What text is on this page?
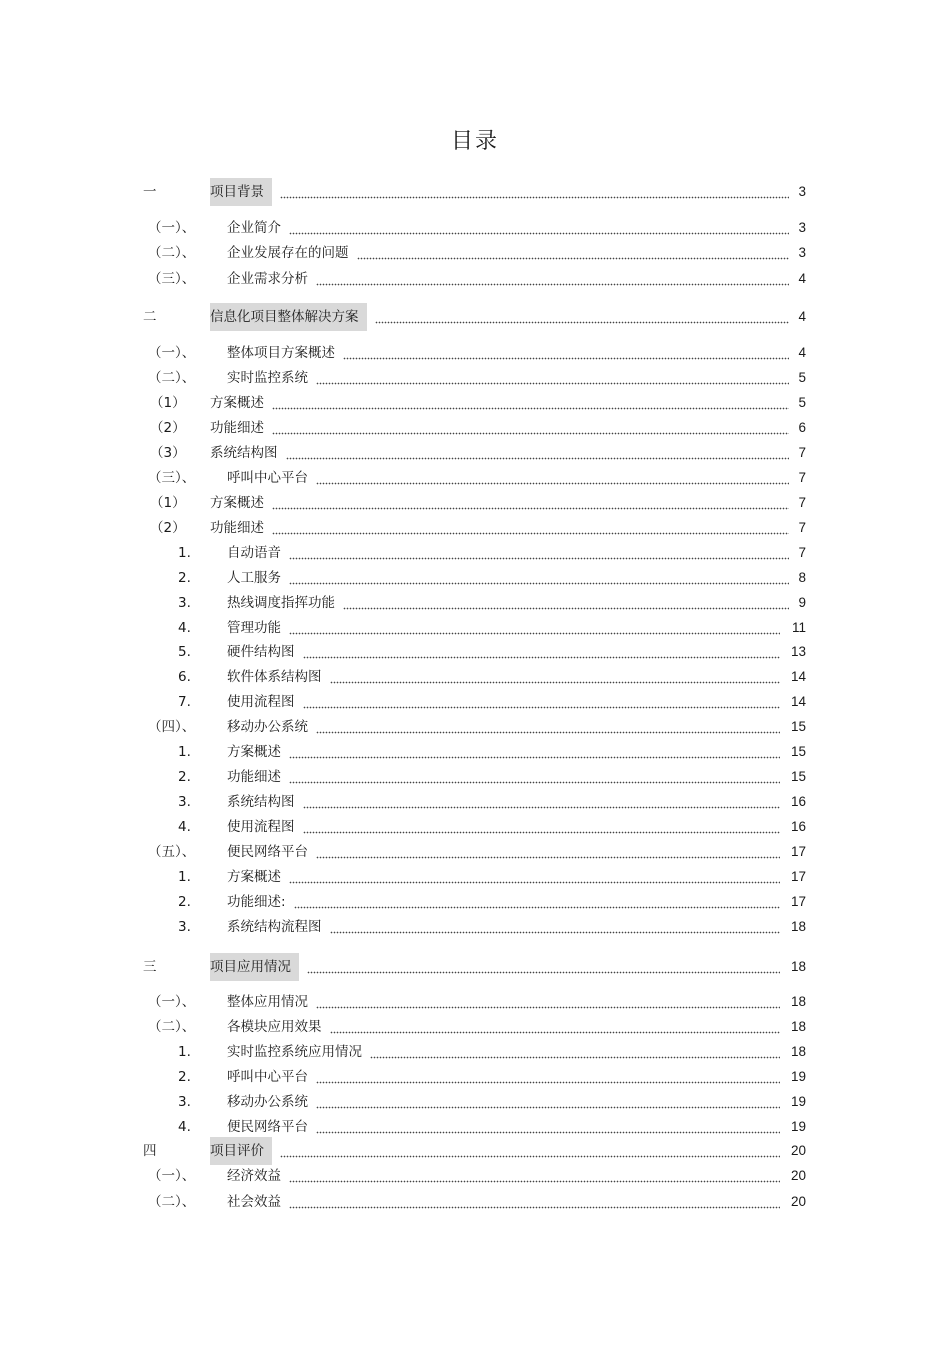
目录
一	项目背景	3
（一）、 企业简介	3
（二）、 企业发展存在的问题	3
（三）、 企业需求分析	4
二	信息化项目整体解决方案	4
（一）、 整体项目方案概述	4
（二）、 实时监控系统	5
（1） 方案概述	5
（2） 功能细述	6
（3） 系统结构图	7
（三）、 呼叫中心平台	7
（1） 方案概述	7
（2） 功能细述	7
1.	自动语音	7
2.	人工服务	8
3.	热线调度指挥功能	9
4.	管理功能	11
5.	硬件结构图	13
6.	软件体系结构图	14
7.	使用流程图	14
（四）、 移动办公系统	15
1.	方案概述	15
2.	功能细述	15
3.	系统结构图	16
4.	使用流程图	16
（五）、 便民网络平台	17
1.	方案概述	17
2.	功能细述:	17
3.	系统结构流程图	18
三	项目应用情况	18
（一）、 整体应用情况	18
（二）、 各模块应用效果	18
1.	实时监控系统应用情况	18
2.	呼叫中心平台	19
3.	移动办公系统	19
4.	便民网络平台	19
四	项目评价	20
（一）、 经济效益	20
（二）、 社会效益	20
